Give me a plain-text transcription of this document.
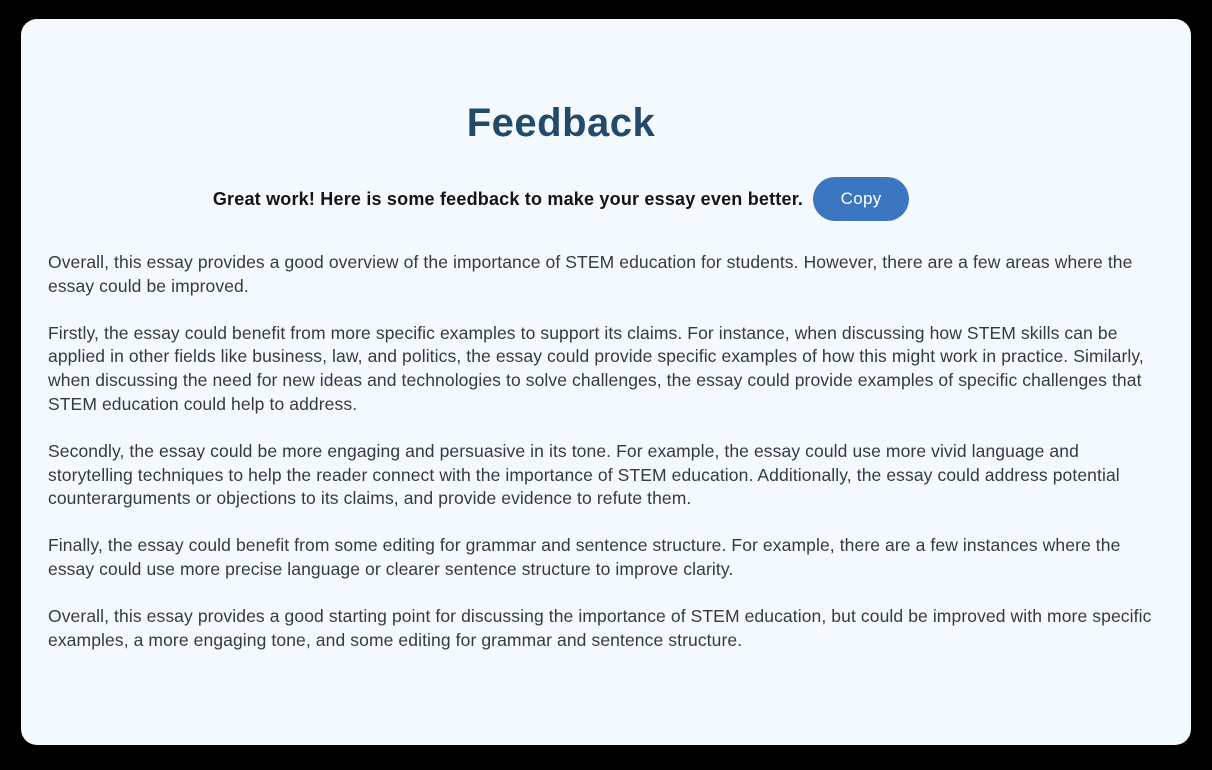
Feedback
Great work! Here is some feedback to make your essay even better.	Copy

Overall, this essay provides a good overview of the importance of STEM education for students. However, there are a few areas where the essay could be improved.

Firstly, the essay could benefit from more specific examples to support its claims. For instance, when discussing how STEM skills can be applied in other fields like business, law, and politics, the essay could provide specific examples of how this might work in practice. Similarly, when discussing the need for new ideas and technologies to solve challenges, the essay could provide examples of specific challenges that STEM education could help to address.

Secondly, the essay could be more engaging and persuasive in its tone. For example, the essay could use more vivid language and storytelling techniques to help the reader connect with the importance of STEM education. Additionally, the essay could address potential counterarguments or objections to its claims, and provide evidence to refute them.

Finally, the essay could benefit from some editing for grammar and sentence structure. For example, there are a few instances where the essay could use more precise language or clearer sentence structure to improve clarity.

Overall, this essay provides a good starting point for discussing the importance of STEM education, but could be improved with more specific examples, a more engaging tone, and some editing for grammar and sentence structure.
